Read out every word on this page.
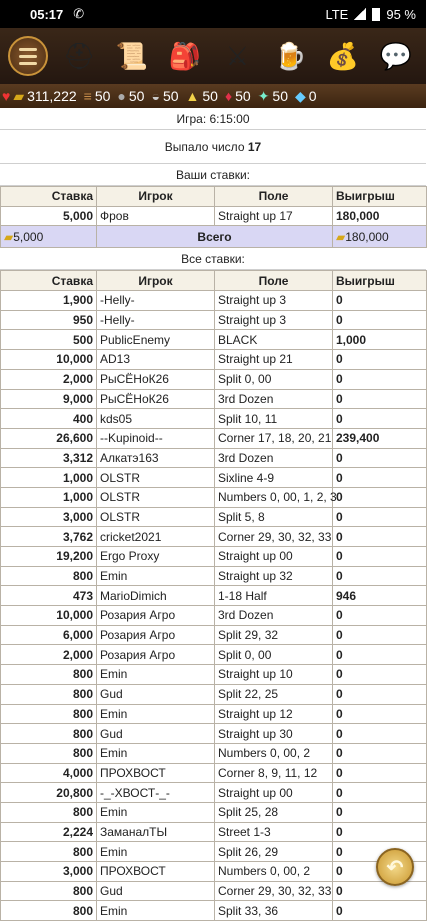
05:17 ✆	LTE	95 %
⛑ 📜 🎒 ⚔ 🍺 💰 💬
♥ ▰ 311,222 ≡ 50 ● 50 ◒ 50 ▲ 50 ♦ 50 ✦ 50 ◆ 0
Игра: 6:15:00
Выпало число 17
Ваши ставки:
Ставка	Игрок	Поле	Выигрыш
5,000	Фров	Straight up 17	180,000
▰5,000	Всего		▰180,000
Все ставки:
Ставка	Игрок	Поле	Выигрыш
1,900	-Helly-	Straight up 3	0
950	-Helly-	Straight up 3	0
500	PublicEnemy	BLACK	1,000
10,000	AD13	Straight up 21	0
2,000	РыСЁНоК26	Split 0, 00	0
9,000	РыСЁНоК26	3rd Dozen	0
400	kds05	Split 10, 11	0
26,600	--Kupinoid--	Corner 17, 18, 20, 21	239,400
3,312	Алкатэ163	3rd Dozen	0
1,000	OLSTR	Sixline 4-9	0
1,000	OLSTR	Numbers 0, 00, 1, 2, 3	0
3,000	OLSTR	Split 5, 8	0
3,762	cricket2021	Corner 29, 30, 32, 33	0
19,200	Ergo Proxy	Straight up 00	0
800	Emin	Straight up 32	0
473	MarioDimich	1-18 Half	946
10,000	Розария Агро	3rd Dozen	0
6,000	Розария Агро	Split 29, 32	0
2,000	Розария Агро	Split 0, 00	0
800	Emin	Straight up 10	0
800	Gud	Split 22, 25	0
800	Emin	Straight up 12	0
800	Gud	Straight up 30	0
800	Emin	Numbers 0, 00, 2	0
4,000	ПРОХВОСТ	Corner 8, 9, 11, 12	0
20,800	-_-ХВОСТ-_-	Straight up 00	0
800	Emin	Split 25, 28	0
2,224	ЗаманалТЫ	Street 1-3	0
800	Emin	Split 26, 29	0
3,000	ПРОХВОСТ	Numbers 0, 00, 2	0
800	Gud	Corner 29, 30, 32, 33	0
800	Emin	Split 33, 36	0
↶
